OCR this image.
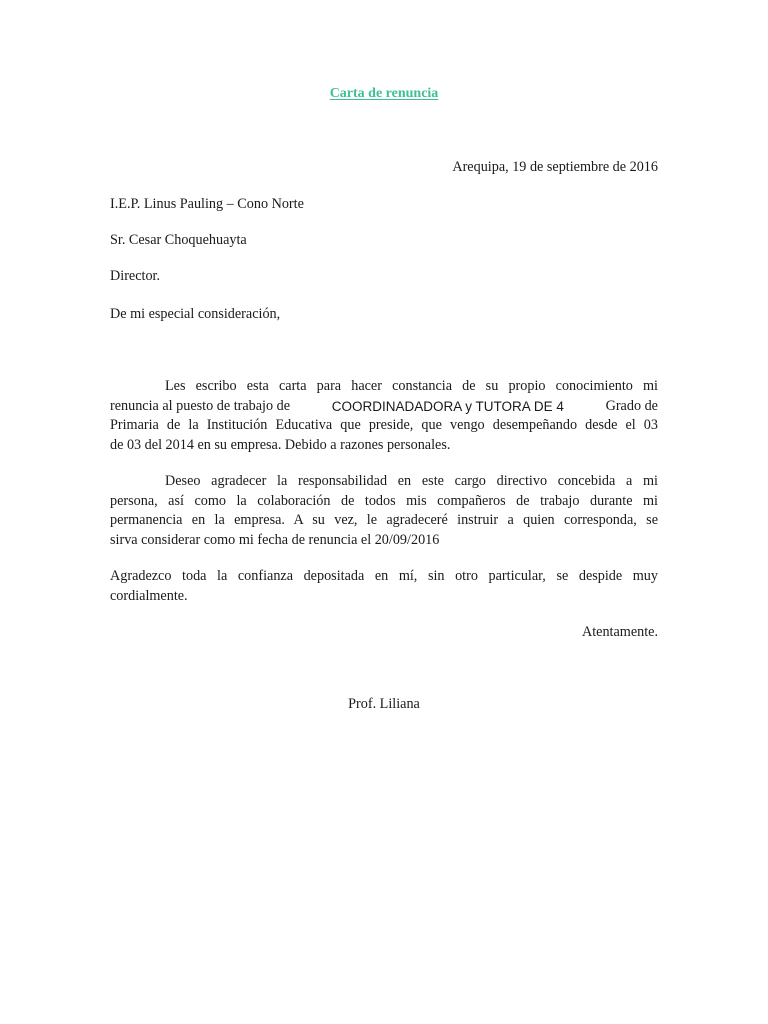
Carta de renuncia
Arequipa, 19 de septiembre de 2016
I.E.P. Linus Pauling – Cono Norte
Sr. Cesar Choquehuayta
Director.
De mi especial consideración,
Les escribo esta carta para hacer constancia de su propio conocimiento mi
renuncia al puesto de trabajo de	COORDINADADORA y TUTORA DE 4	Grado de
Primaria de la Institución Educativa que preside, que vengo desempeñando desde el 03
de 03 del 2014 en su empresa. Debido a razones personales.
Deseo agradecer la responsabilidad en este cargo directivo concebida a mi
persona, así como la colaboración de todos mis compañeros de trabajo durante mi
permanencia en la empresa. A su vez, le agradeceré instruir a quien corresponda, se
sirva considerar como mi fecha de renuncia el 20/09/2016
Agradezco toda la confianza depositada en mí, sin otro particular, se despide muy
cordialmente.
Atentamente.
Prof. Liliana
